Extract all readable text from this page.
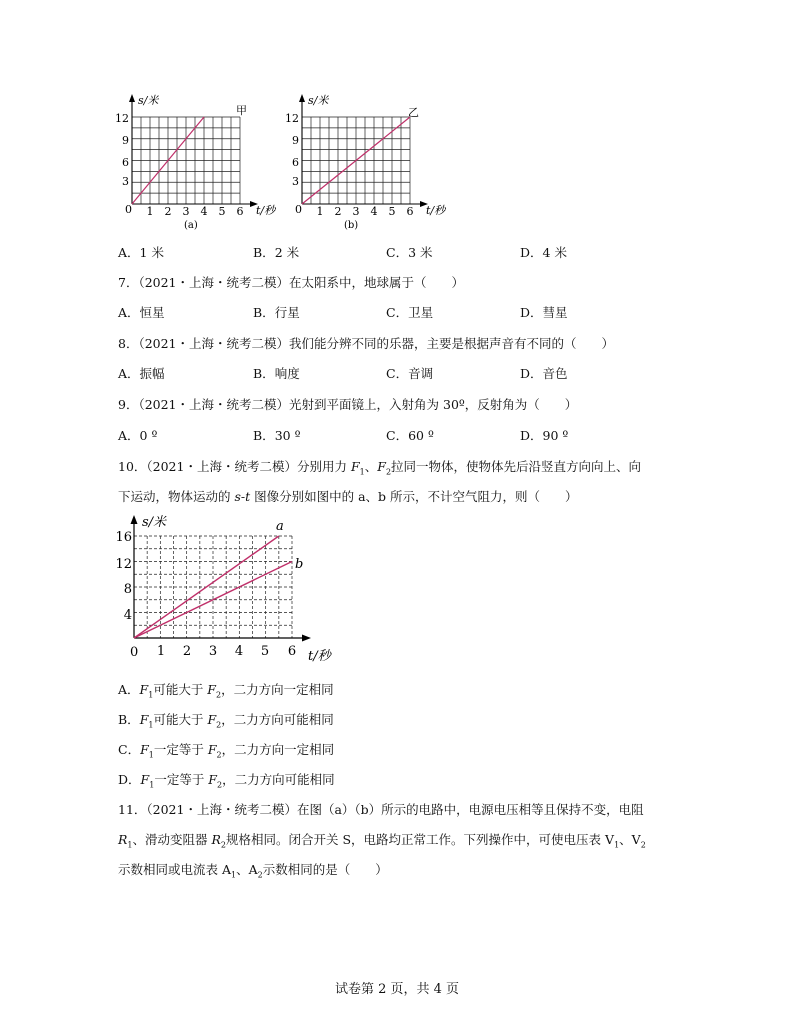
s/米
t/秒
0
甲
(a)
12
9
6
3
1 2 3 4 5 6
s/米
t/秒
0
乙
(b)
12
9
6
3
1 2 3 4 5 6
A．1 米	B．2 米	C．3 米	D．4 米
7．（2021・上海・统考二模）在太阳系中，地球属于（　　）
A．恒星	B．行星	C．卫星	D．彗星
8．（2021・上海・统考二模）我们能分辨不同的乐器，主要是根据声音有不同的（　　）
A．振幅	B．响度	C．音调	D．音色
9．（2021・上海・统考二模）光射到平面镜上，入射角为 30º，反射角为（　　）
A．0 º	B．30 º	C．60 º	D．90 º
10．（2021・上海・统考二模）分别用力 $F_1$、$F_2$拉同一物体，使物体先后沿竖直方向向上、向
下运动，物体运动的 s-t 图像分别如图中的 a、b 所示，不计空气阻力，则（　　）
s/米
t/秒
0
a
b
16
12
8
4
1 2 3 4 5 6
A．$F_1$可能大于 $F_2$，二力方向一定相同
B．$F_1$可能大于 $F_2$，二力方向可能相同
C．$F_1$一定等于 $F_2$，二力方向一定相同
D．$F_1$一定等于 $F_2$，二力方向可能相同
11．（2021・上海・统考二模）在图（a）（b）所示的电路中，电源电压相等且保持不变，电阻
$R_1$、滑动变阻器 $R_2$规格相同。闭合开关 S，电路均正常工作。下列操作中，可使电压表 $V_1$、$V_2$
示数相同或电流表 $A_1$、$A_2$示数相同的是（　　）
试卷第 2 页，共 4 页
